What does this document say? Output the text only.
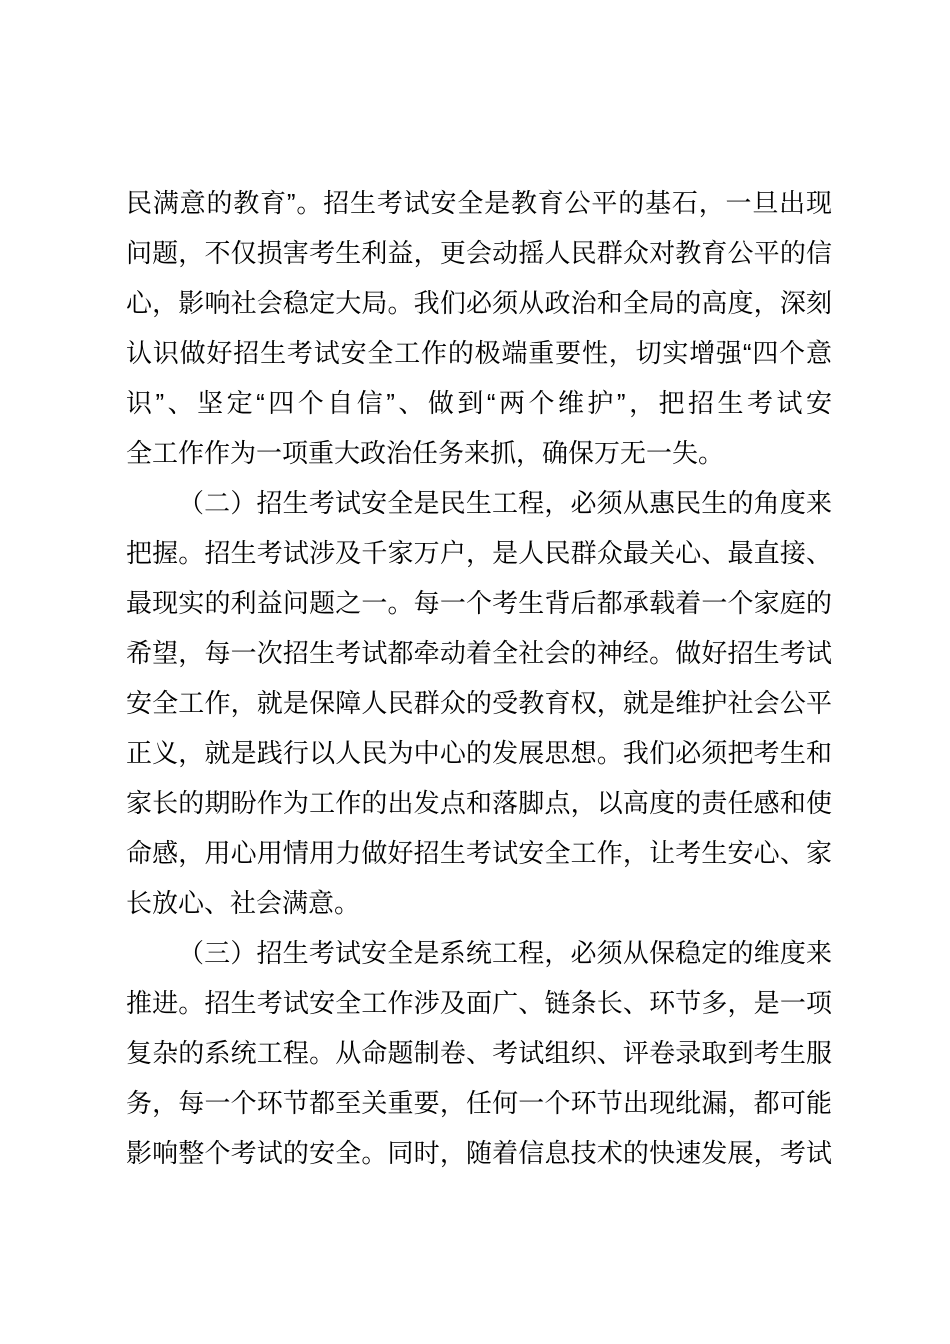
民满意的教育”。招生考试安全是教育公平的基石，一旦出现
问题，不仅损害考生利益，更会动摇人民群众对教育公平的信
心，影响社会稳定大局。我们必须从政治和全局的高度，深刻
认识做好招生考试安全工作的极端重要性，切实增强“四个意
识”、坚定“四个自信”、做到“两个维护”，把招生考试安
全工作作为一项重大政治任务来抓，确保万无一失。
（二）招生考试安全是民生工程，必须从惠民生的角度来
把握。招生考试涉及千家万户，是人民群众最关心、最直接、
最现实的利益问题之一。每一个考生背后都承载着一个家庭的
希望，每一次招生考试都牵动着全社会的神经。做好招生考试
安全工作，就是保障人民群众的受教育权，就是维护社会公平
正义，就是践行以人民为中心的发展思想。我们必须把考生和
家长的期盼作为工作的出发点和落脚点，以高度的责任感和使
命感，用心用情用力做好招生考试安全工作，让考生安心、家
长放心、社会满意。
（三）招生考试安全是系统工程，必须从保稳定的维度来
推进。招生考试安全工作涉及面广、链条长、环节多，是一项
复杂的系统工程。从命题制卷、考试组织、评卷录取到考生服
务，每一个环节都至关重要，任何一个环节出现纰漏，都可能
影响整个考试的安全。同时，随着信息技术的快速发展，考试
